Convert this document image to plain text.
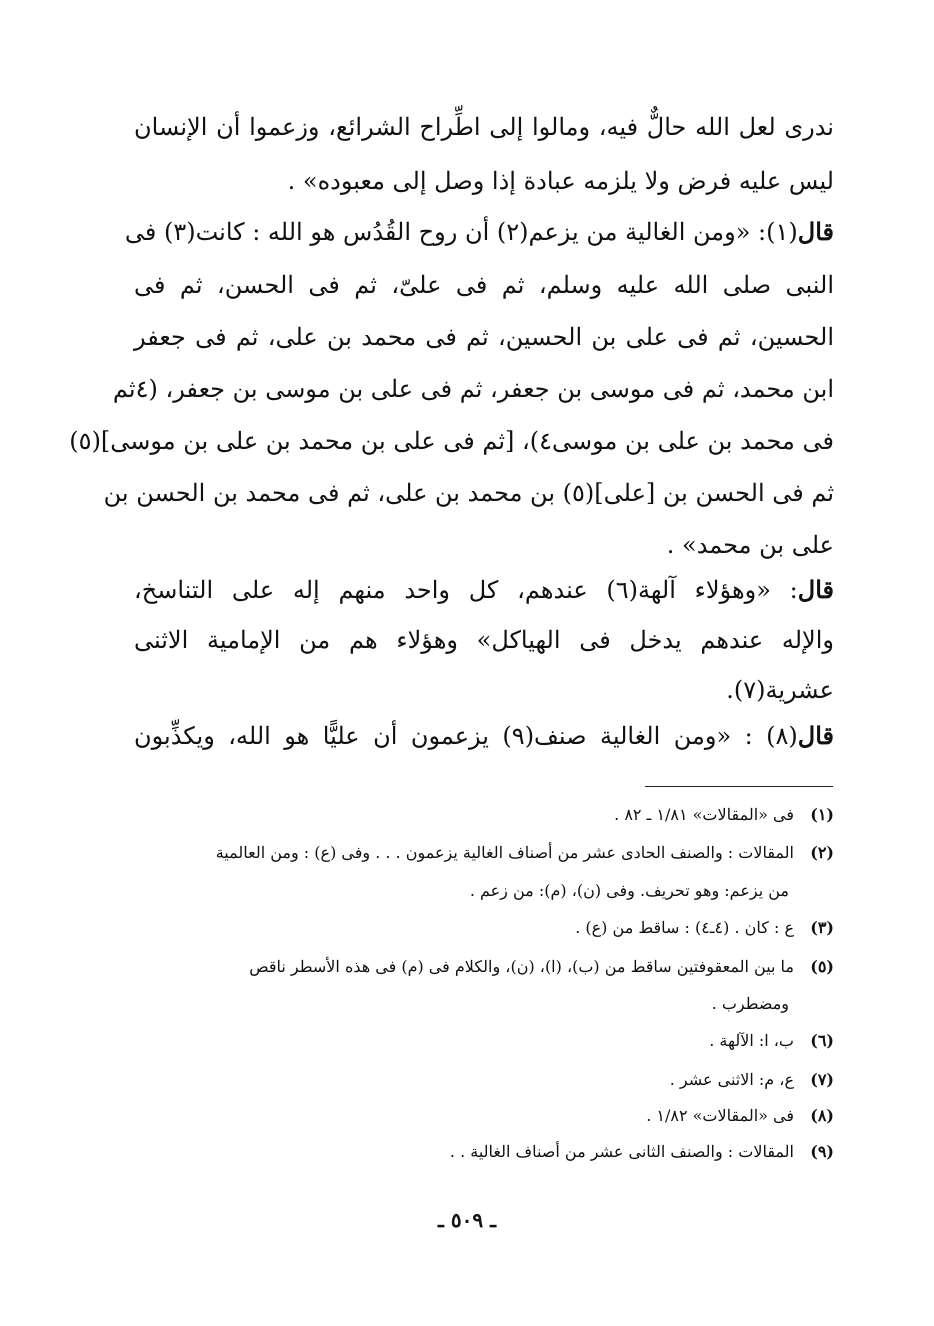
ندرى لعل الله حالٌّ فيه، ومالوا إلى اطِّراح الشرائع، وزعموا أن الإنسان
ليس عليه فرض ولا يلزمه عبادة إذا وصل إلى معبوده» .
قال(١): «ومن الغالية من يزعم(٢) أن روح القُدُس هو الله : كانت(٣) فى
النبى صلى الله عليه وسلم، ثم فى علىّ، ثم فى الحسن، ثم فى
الحسين، ثم فى على بن الحسين، ثم فى محمد بن على، ثم فى جعفر
ابن محمد، ثم فى موسى بن جعفر، ثم فى على بن موسى بن جعفر، (٤ثم
فى محمد بن على بن موسى٤)، [ثم فى على بن محمد بن على بن موسى](٥)
ثم فى الحسن بن [على](٥) بن محمد بن على، ثم فى محمد بن الحسن بن
على بن محمد» .
قال: «وهؤلاء آلهة(٦) عندهم، كل واحد منهم إله على التناسخ،
والإله عندهم يدخل فى الهياكل» وهؤلاء هم من الإمامية الاثنى
عشرية(٧).
قال(٨) : «ومن الغالية صنف(٩) يزعمون أن عليًّا هو الله، ويكذِّبون
(١)فى «المقالات» ١/٨١ ـ ٨٢ .
(٢)المقالات : والصنف الحادى عشر من أصناف الغالية يزعمون . . . وفى (ع) : ومن العالمية
من يزعم: وهو تحريف. وفى (ن)، (م): من زعم .
(٣)ع : كان . (٤ـ٤) : ساقط من (ع) .
(٥)ما بين المعقوفتين ساقط من (ب)، (ا)، (ن)، والكلام فى (م) فى هذه الأسطر ناقص
ومضطرب .
(٦)ب، ا: الآلهة .
(٧)ع، م: الاثنى عشر .
(٨)فى «المقالات» ١/٨٢ .
(٩)المقالات : والصنف الثانى عشر من أصناف الغالية . .
ـ ٥٠٩ ـ
